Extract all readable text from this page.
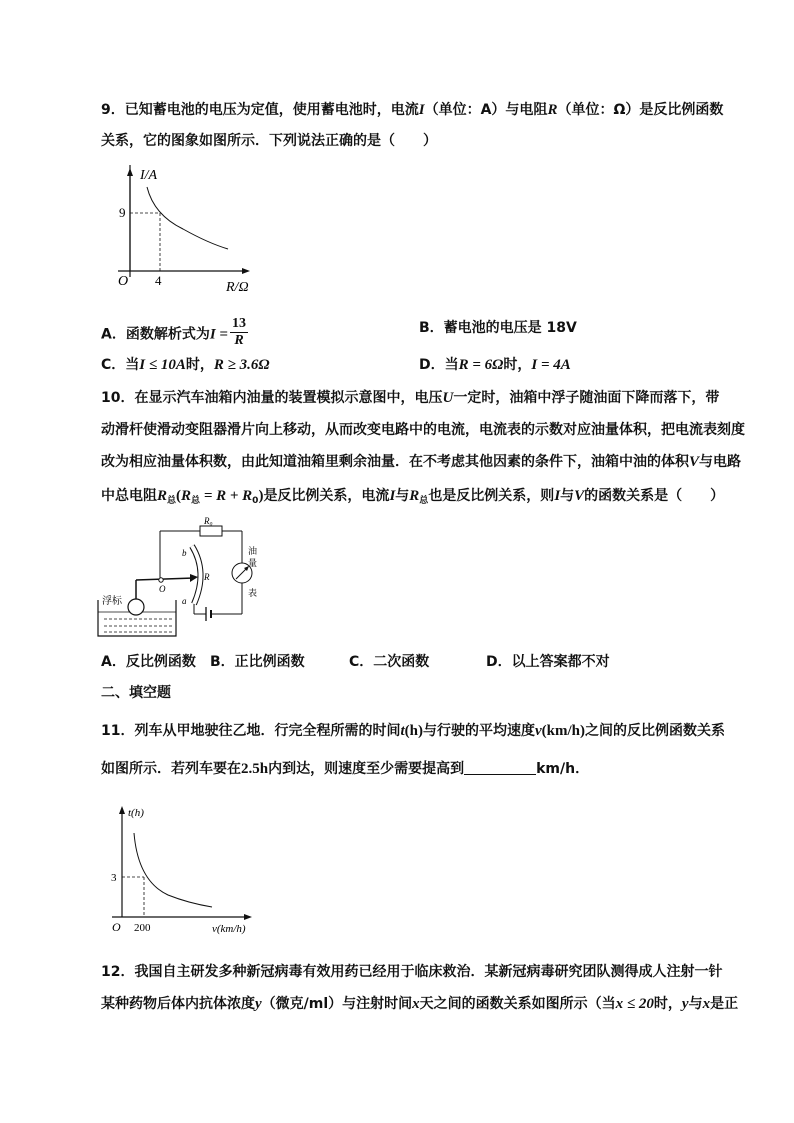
9．已知蓄电池的电压为定值，使用蓄电池时，电流I（单位：A）与电阻R（单位：Ω）是反比例函数
关系，它的图象如图所示．下列说法正确的是（　　）
I/A
9
O 4	R/Ω
A．函数解析式为$I = \frac{13}{R}$	B．蓄电池的电压是 18V
C．当I ≤ 10A时，R ≥ 3.6Ω	D．当R = 6Ω时，I = 4A
10．在显示汽车油箱内油量的装置模拟示意图中，电压U一定时，油箱中浮子随油面下降而落下，带
动滑杆使滑动变阻器滑片向上移动，从而改变电路中的电流，电流表的示数对应油量体积，把电流表刻度
改为相应油量体积数，由此知道油箱里剩余油量．在不考虑其他因素的条件下，油箱中油的体积V与电路
中总电阻$R_总(R_总 = R + R_0)$是反比例关系，电流I与$R_总$也是反比例关系，则I与V的函数关系是（　　）
R₀
b
R
O
a
浮标
油
量
表
A．反比例函数 B．正比例函数	C．二次函数	D．以上答案都不对
二、填空题
11．列车从甲地驶往乙地．行完全程所需的时间t(h)与行驶的平均速度v(km/h)之间的反比例函数关系
如图所示．若列车要在2.5h内到达，则速度至少需要提高到	km/h．
t(h)
3
O 200	v(km/h)
12．我国自主研发多种新冠病毒有效用药已经用于临床救治．某新冠病毒研究团队测得成人注射一针
某种药物后体内抗体浓度y（微克/ml）与注射时间x天之间的函数关系如图所示（当x ≤ 20时，y与x是正
